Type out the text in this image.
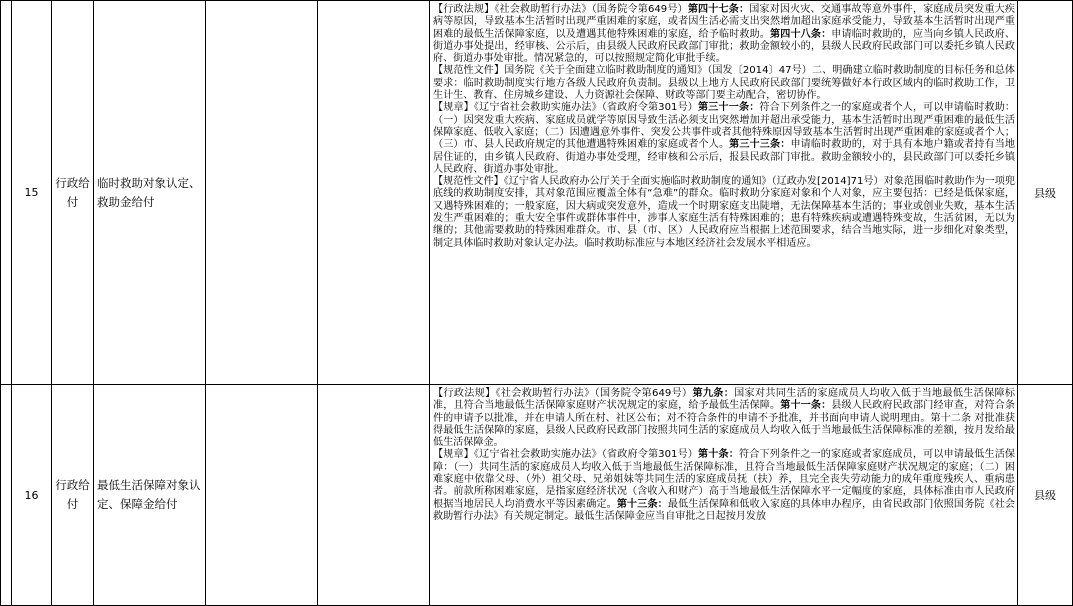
	15	行政给付	临时救助对象认定、救助金给付			【行政法规】《社会救助暂行办法》（国务院令第649号）第四十七条：国家对因火灾、交通事故等意外事件，家庭成员突发重大疾病等原因，导致基本生活暂时出现严重困难的家庭，或者因生活必需支出突然增加超出家庭承受能力，导致基本生活暂时出现严重困难的最低生活保障家庭，以及遭遇其他特殊困难的家庭，给予临时救助。第四十八条：申请临时救助的，应当向乡镇人民政府、街道办事处提出，经审核、公示后，由县级人民政府民政部门审批；救助金额较小的，县级人民政府民政部门可以委托乡镇人民政府、街道办事处审批。情况紧急的，可以按照规定简化审批手续。

【规范性文件】国务院《关于全面建立临时救助制度的通知》（国发〔2014〕47号）二、明确建立临时救助制度的目标任务和总体要求：临时救助制度实行地方各级人民政府负责制。县级以上地方人民政府民政部门要统筹做好本行政区域内的临时救助工作，卫生计生、教育、住房城乡建设、人力资源社会保障、财政等部门要主动配合，密切协作。

【规章】《辽宁省社会救助实施办法》（省政府令第301号）第三十一条：符合下列条件之一的家庭或者个人，可以申请临时救助：（一）因突发重大疾病、家庭成员就学等原因导致生活必须支出突然增加并超出承受能力，基本生活暂时出现严重困难的最低生活保障家庭、低收入家庭；（二）因遭遇意外事件、突发公共事件或者其他特殊原因导致基本生活暂时出现严重困难的家庭或者个人；（三）市、县人民政府规定的其他遭遇特殊困难的家庭或者个人。第三十三条：申请临时救助的，对于具有本地户籍或者持有当地居住证的，由乡镇人民政府、街道办事处受理，经审核和公示后，报县民政部门审批。救助金额较小的，县民政部门可以委托乡镇人民政府、街道办事处审批。

【规范性文件】《辽宁省人民政府办公厅关于全面实施临时救助制度的通知》（辽政办发[2014]71号）对象范围临时救助作为一项兜底线的救助制度安排，其对象范围应覆盖全体有“急难”的群众。临时救助分家庭对象和个人对象，应主要包括：已经是低保家庭，又遇特殊困难的；一般家庭，因大病或突发意外，造成一个时期家庭支出陡增，无法保障基本生活的；事业或创业失败，基本生活发生严重困难的；重大安全事件或群体事件中，涉事人家庭生活有特殊困难的；患有特殊疾病或遭遇特殊变故，生活贫困，无以为继的；其他需要救助的特殊困难群众。市、县（市、区）人民政府应当根据上述范围要求，结合当地实际，进一步细化对象类型，制定具体临时救助对象认定办法。临时救助标准应与本地区经济社会发展水平相适应。	县级
	16	行政给付	最低生活保障对象认定、保障金给付			【行政法规】《社会救助暂行办法》（国务院令第649号）第九条：国家对共同生活的家庭成员人均收入低于当地最低生活保障标准，且符合当地最低生活保障家庭财产状况规定的家庭，给予最低生活保障。第十一条：县级人民政府民政部门经审查，对符合条件的申请予以批准，并在申请人所在村、社区公布；对不符合条件的申请不予批准，并书面向申请人说明理由。第十二条 对批准获得最低生活保障的家庭，县级人民政府民政部门按照共同生活的家庭成员人均收入低于当地最低生活保障标准的差额，按月发给最低生活保障金。

【规章】《辽宁省社会救助实施办法》（省政府令第301号）第十条：符合下列条件之一的家庭或者家庭成员，可以申请最低生活保障：（一）共同生活的家庭成员人均收入低于当地最低生活保障标准，且符合当地最低生活保障家庭财产状况规定的家庭；（二）困难家庭中依靠父母、（外）祖父母、兄弟姐妹等共同生活的家庭成员抚（扶）养，且完全丧失劳动能力的成年重度残疾人、重病患者。前款所称困难家庭，是指家庭经济状况（含收入和财产）高于当地最低生活保障水平一定幅度的家庭，具体标准由市人民政府根据当地居民人均消费水平等因素确定。第十三条：最低生活保障和低收入家庭的具体申办程序，由省民政部门依照国务院《社会救助暂行办法》有关规定制定。最低生活保障金应当自审批之日起按月发放	县级
